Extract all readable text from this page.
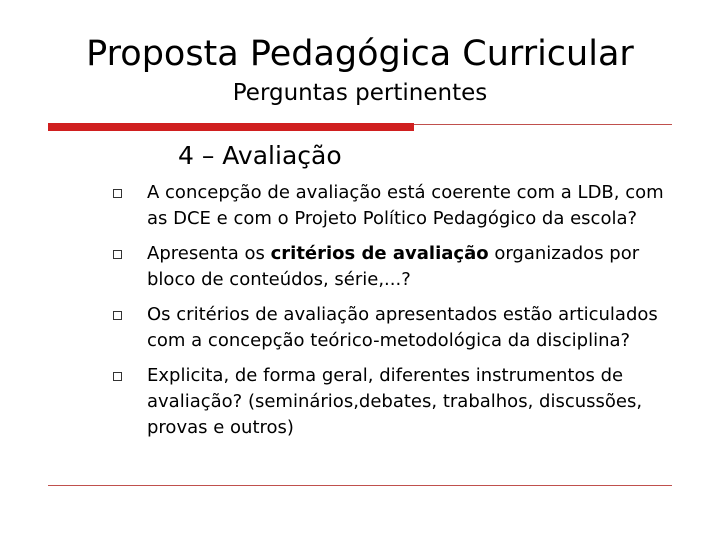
Proposta Pedagógica Curricular
Perguntas pertinentes
4 – Avaliação
A concepção de avaliação está coerente com a LDB, com as DCE e com o Projeto Político Pedagógico da escola?
Apresenta os critérios de avaliação organizados por bloco de conteúdos, série,...?
Os critérios de avaliação apresentados estão articulados com a concepção teórico-metodológica da disciplina?
Explicita, de forma geral, diferentes instrumentos de avaliação? (seminários,debates, trabalhos, discussões, provas e outros)
